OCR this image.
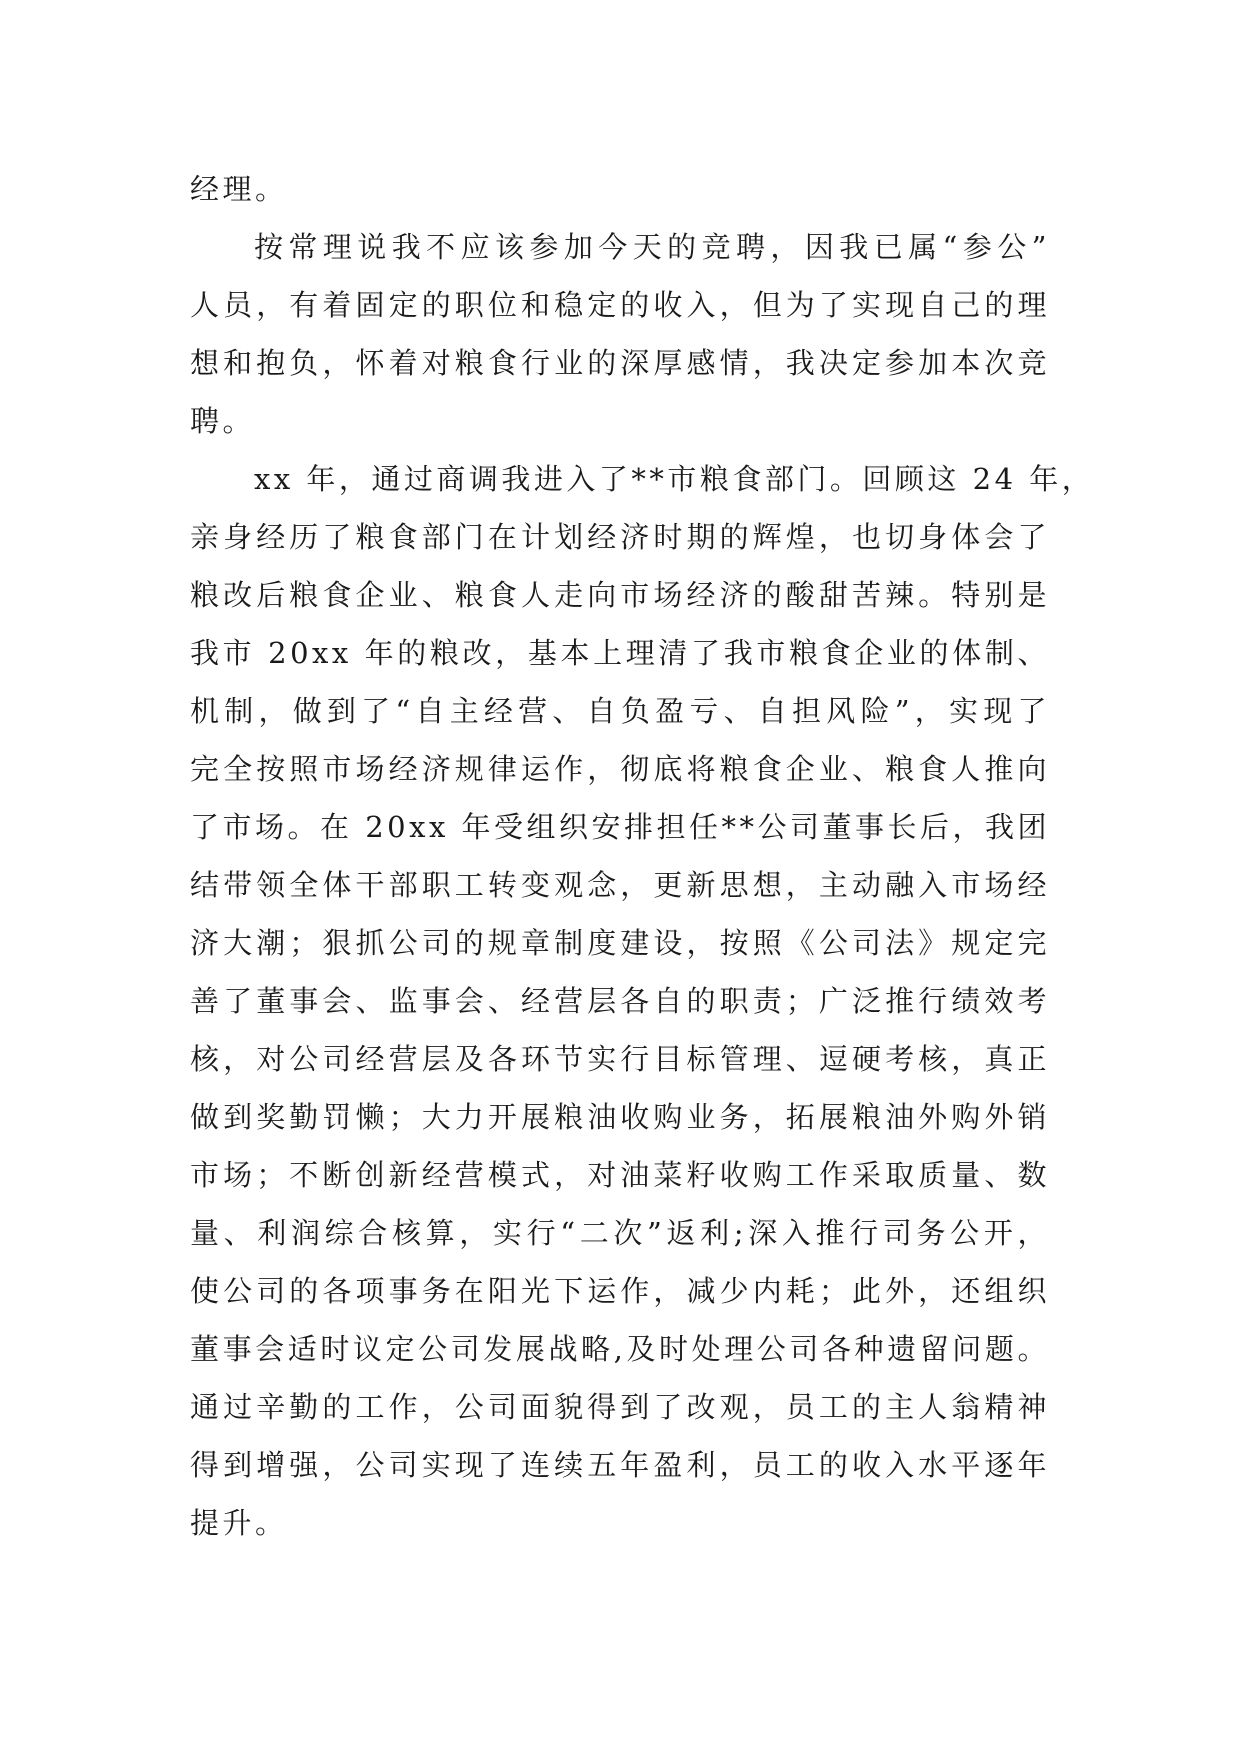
经理。
按常理说我不应该参加今天的竞聘，因我已属“参公”
人员，有着固定的职位和稳定的收入，但为了实现自己的理
想和抱负，怀着对粮食行业的深厚感情，我决定参加本次竞
聘。
xx 年，通过商调我进入了**市粮食部门。回顾这 24 年，
亲身经历了粮食部门在计划经济时期的辉煌，也切身体会了
粮改后粮食企业、粮食人走向市场经济的酸甜苦辣。特别是
我市 20xx 年的粮改，基本上理清了我市粮食企业的体制、
机制，做到了“自主经营、自负盈亏、自担风险”，实现了
完全按照市场经济规律运作，彻底将粮食企业、粮食人推向
了市场。在 20xx 年受组织安排担任**公司董事长后，我团
结带领全体干部职工转变观念，更新思想，主动融入市场经
济大潮；狠抓公司的规章制度建设，按照《公司法》规定完
善了董事会、监事会、经营层各自的职责；广泛推行绩效考
核，对公司经营层及各环节实行目标管理、逗硬考核，真正
做到奖勤罚懒；大力开展粮油收购业务，拓展粮油外购外销
市场；不断创新经营模式，对油菜籽收购工作采取质量、数
量、利润综合核算，实行“二次”返利;深入推行司务公开，
使公司的各项事务在阳光下运作，减少内耗；此外，还组织
董事会适时议定公司发展战略,及时处理公司各种遗留问题。
通过辛勤的工作，公司面貌得到了改观，员工的主人翁精神
得到增强，公司实现了连续五年盈利，员工的收入水平逐年
提升。
